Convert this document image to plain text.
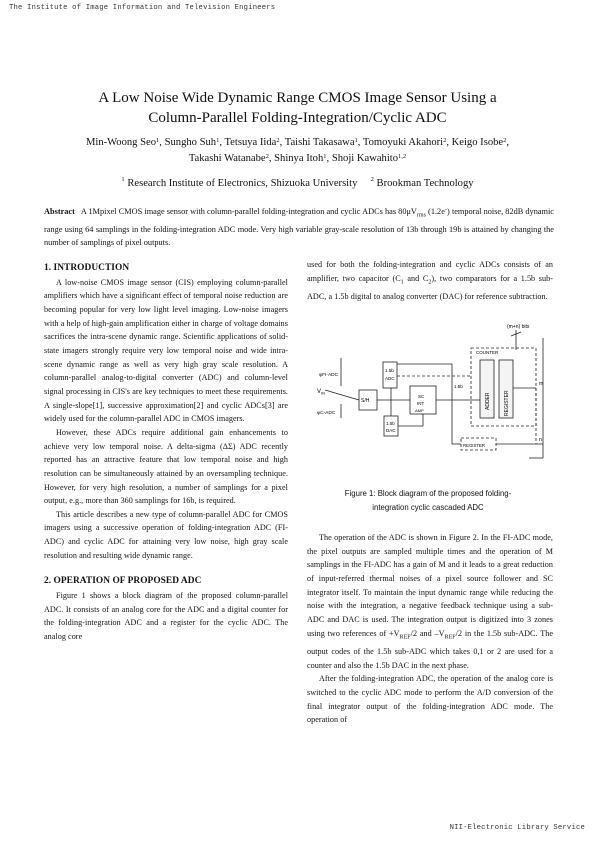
The Institute of Image Information and Television Engineers
A Low Noise Wide Dynamic Range CMOS Image Sensor Using a
Column-Parallel Folding-Integration/Cyclic ADC
Min-Woong Seo$^1$, Sungho Suh$^1$, Tetsuya Iida$^2$, Taishi Takasawa$^1$, Tomoyuki Akahori$^2$, Keigo Isobe$^2$,
Takashi Watanabe$^2$, Shinya Itoh$^1$, Shoji Kawahito$^{1,2}$
$^1$ Research Institute of Electronics, Shizuoka University $^2$ Brookman Technology
Abstract A 1Mpixel CMOS image sensor with column-parallel folding-integration and cyclic ADCs has $80\mu V_{rms}$ (1.2e-) temporal noise, 82dB dynamic range using 64 samplings in the folding-integration ADC mode. Very high variable gray-scale resolution of 13b through 19b is attained by changing the number of samplings of pixel outputs.

1. INTRODUCTION

A low-noise CMOS image sensor (CIS) employing column-parallel amplifiers which have a significant effect of temporal noise reduction are becoming popular for very low light level imaging. Low-noise imagers with a help of high-gain amplification either in charge of voltage domains sacrifices the intra-scene dynamic range. Scientific applications of solid-state imagers strongly require very low temporal noise and wide intra-scene dynamic range as well as very high gray scale resolution. A column-parallel analog-to-digital converter (ADC) and column-level signal processing in CIS's are key techniques to meet these requirements. A single-slope[1], successive approximation[2] and cyclic ADCs[3] are widely used for the column-parallel ADC in CMOS imagers.

However, these ADCs require additional gain enhancements to achieve very low temporal noise. A delta-sigma (ΔΣ) ADC recently reported has an attractive feature that low temporal noise and high resolution can be simultaneously attained by an oversampling technique. However, for very high resolution, a number of samplings for a pixel output, e.g., more than 360 samplings for 16b, is required.

This article describes a new type of column-parallel ADC for CMOS imagers using a successive operation of folding-integration ADC (FI-ADC) and cyclic ADC for attaining very low noise, high gray scale resolution and resulting wide dynamic range.

2. OPERATION OF PROPOSED ADC

Figure 1 shows a block diagram of the proposed column-parallel ADC. It consists of an analog core for the ADC and a digital counter for the folding-integration ADC and a register for the cyclic ADC. The analog core

used for both the folding-integration and cyclic ADCs consists of an amplifier, two capacitor ($C_1$ and $C_2$), two comparators for a 1.5b sub-ADC, a 1.5b digital to analog converter (DAC) for reference subtraction.

(m+n) bits
COUNTER
ADDER	REGISTER
$V_{IN}$
φFI-ADC
φC-ADC
S/H
SC
INT
AMP
1.5b
ADC
1.5b
DAC
m
n
1.5b
REGISTER
Figure 1: Block diagram of the proposed folding-
integration cyclic cascaded ADC

The operation of the ADC is shown in Figure 2. In the FI-ADC mode, the pixel outputs are sampled multiple times and the operation of M samplings in the FI-ADC has a gain of M and it leads to a great reduction of input-referred thermal noises of a pixel source follower and SC integrator itself. To maintain the input dynamic range while reducing the noise with the integration, a negative feedback technique using a sub-ADC and DAC is used. The integration output is digitized into 3 zones using two references of $+V_{REF}/2$ and $-V_{REF}/2$ in the 1.5b sub-ADC. The output codes of the 1.5b sub-ADC which takes 0,1 or 2 are used for a counter and also the 1.5b DAC in the next phase.

After the folding-integration ADC, the operation of the analog core is switched to the cyclic ADC mode to perform the A/D conversion of the final integrator output of the folding-integration ADC mode. The operation of

NII-Electronic Library Service
